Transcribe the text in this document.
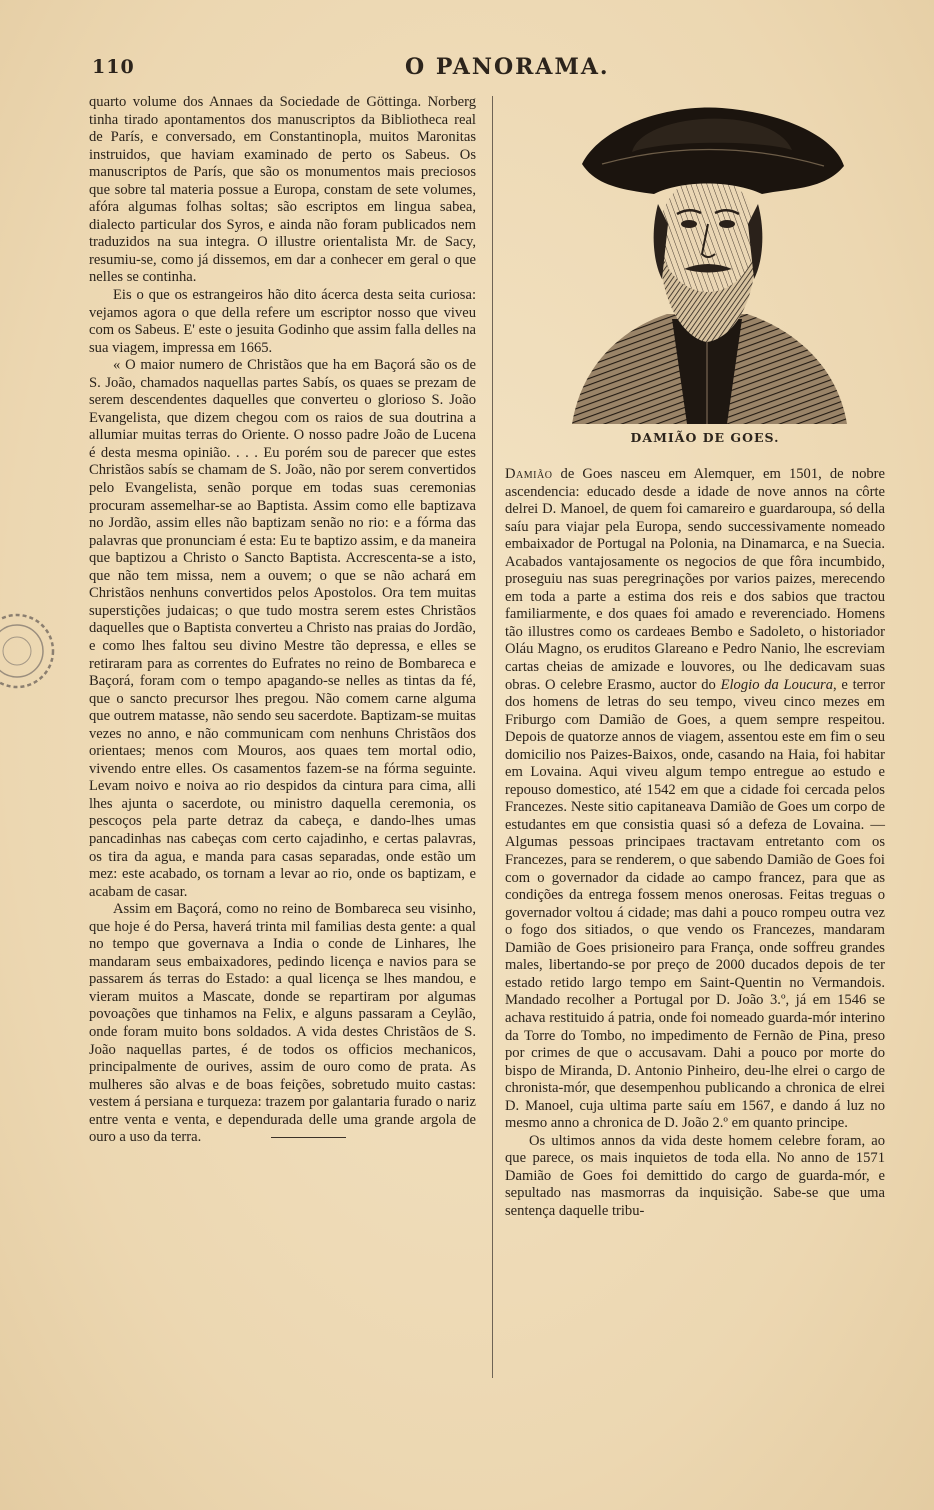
110	O PANORAMA.

quarto volume dos Annaes da Sociedade de Göttinga. Norberg tinha tirado apontamentos dos manuscriptos da Bibliotheca real de París, e conversado, em Constantinopla, muitos Maronitas instruidos, que haviam examinado de perto os Sabeus. Os manuscriptos de París, que são os monumentos mais preciosos que sobre tal materia possue a Europa, constam de sete volumes, afóra algumas folhas soltas; são escriptos em lingua sabea, dialecto particular dos Syros, e ainda não foram publicados nem traduzidos na sua integra. O illustre orientalista Mr. de Sacy, resumiu-se, como já dissemos, em dar a conhecer em geral o que nelles se continha.

Eis o que os estrangeiros hão dito ácerca desta seita curiosa: vejamos agora o que della refere um escriptor nosso que viveu com os Sabeus. E' este o jesuita Godinho que assim falla delles na sua viagem, impressa em 1665.

« O maior numero de Christãos que ha em Baçorá são os de S. João, chamados naquellas partes Sabís, os quaes se prezam de serem descendentes daquelles que converteu o glorioso S. João Evangelista, que dizem chegou com os raios de sua doutrina a allumiar muitas terras do Oriente. O nosso padre João de Lucena é desta mesma opinião. . . . Eu porém sou de parecer que estes Christãos sabís se chamam de S. João, não por serem convertidos pelo Evangelista, senão porque em todas suas ceremonias procuram assemelhar-se ao Baptista. Assim como elle baptizava no Jordão, assim elles não baptizam senão no rio: e a fórma das palavras que pronunciam é esta: Eu te baptizo assim, e da maneira que baptizou a Christo o Sancto Baptista. Accrescenta-se a isto, que não tem missa, nem a ouvem; o que se não achará em Christãos nenhuns convertidos pelos Apostolos. Ora tem muitas superstições judaicas; o que tudo mostra serem estes Christãos daquelles que o Baptista converteu a Christo nas praias do Jordão, e como lhes faltou seu divino Mestre tão depressa, e elles se retiraram para as correntes do Eufrates no reino de Bombareca e Baçorá, foram com o tempo apagando-se nelles as tintas da fé, que o sancto precursor lhes pregou. Não comem carne alguma que outrem matasse, não sendo seu sacerdote. Baptizam-se muitas vezes no anno, e não communicam com nenhuns Christãos dos orientaes; menos com Mouros, aos quaes tem mortal odio, vivendo entre elles. Os casamentos fazem-se na fórma seguinte. Levam noivo e noiva ao rio despidos da cintura para cima, alli lhes ajunta o sacerdote, ou ministro daquella ceremonia, os pescoços pela parte detraz da cabeça, e dando-lhes umas pancadinhas nas cabeças com certo cajadinho, e certas palavras, os tira da agua, e manda para casas separadas, onde estão um mez: este acabado, os tornam a levar ao rio, onde os baptizam, e acabam de casar.

Assim em Baçorá, como no reino de Bombareca seu visinho, que hoje é do Persa, haverá trinta mil familias desta gente: a qual no tempo que governava a India o conde de Linhares, lhe mandaram seus embaixadores, pedindo licença e navios para se passarem ás terras do Estado: a qual licença se lhes mandou, e vieram muitos a Mascate, donde se repartiram por algumas povoações que tinhamos na Felix, e alguns passaram a Ceylão, onde foram muito bons soldados. A vida destes Christãos de S. João naquellas partes, é de todos os officios mechanicos, principalmente de ourives, assim de ouro como de prata. As mulheres são alvas e de boas feições, sobretudo muito castas: vestem á persiana e turqueza: trazem por galantaria furado o nariz entre venta e venta, e dependurada delle uma grande argola de ouro a uso da terra.

DAMIÃO DE GOES.

Damião de Goes nasceu em Alemquer, em 1501, de nobre ascendencia: educado desde a idade de nove annos na côrte delrei D. Manoel, de quem foi camareiro e guardaroupa, só della saíu para viajar pela Europa, sendo successivamente nomeado embaixador de Portugal na Polonia, na Dinamarca, e na Suecia. Acabados vantajosamente os negocios de que fôra incumbido, proseguiu nas suas peregrinações por varios paizes, merecendo em toda a parte a estima dos reis e dos sabios que tractou familiarmente, e dos quaes foi amado e reverenciado. Homens tão illustres como os cardeaes Bembo e Sadoleto, o historiador Oláu Magno, os eruditos Glareano e Pedro Nanio, lhe escreviam cartas cheias de amizade e louvores, ou lhe dedicavam suas obras. O celebre Erasmo, auctor do Elogio da Loucura, e terror dos homens de letras do seu tempo, viveu cinco mezes em Friburgo com Damião de Goes, a quem sempre respeitou. Depois de quatorze annos de viagem, assentou este em fim o seu domicilio nos Paizes-Baixos, onde, casando na Haia, foi habitar em Lovaina. Aqui viveu algum tempo entregue ao estudo e repouso domestico, até 1542 em que a cidade foi cercada pelos Francezes. Neste sitio capitaneava Damião de Goes um corpo de estudantes em que consistia quasi só a defeza de Lovaina. — Algumas pessoas principaes tractavam entretanto com os Francezes, para se renderem, o que sabendo Damião de Goes foi com o governador da cidade ao campo francez, para que as condições da entrega fossem menos onerosas. Feitas treguas o governador voltou á cidade; mas dahi a pouco rompeu outra vez o fogo dos sitiados, o que vendo os Francezes, mandaram Damião de Goes prisioneiro para França, onde soffreu grandes males, libertando-se por preço de 2000 ducados depois de ter estado retido largo tempo em Saint-Quentin no Vermandois. Mandado recolher a Portugal por D. João 3.º, já em 1546 se achava restituido á patria, onde foi nomeado guarda-mór interino da Torre do Tombo, no impedimento de Fernão de Pina, preso por crimes de que o accusavam. Dahi a pouco por morte do bispo de Miranda, D. Antonio Pinheiro, deu-lhe elrei o cargo de chronista-mór, que desempenhou publicando a chronica de elrei D. Manoel, cuja ultima parte saíu em 1567, e dando á luz no mesmo anno a chronica de D. João 2.º em quanto principe.

Os ultimos annos da vida deste homem celebre foram, ao que parece, os mais inquietos de toda ella. No anno de 1571 Damião de Goes foi demittido do cargo de guarda-mór, e sepultado nas masmorras da inquisição. Sabe-se que uma sentença daquelle tribu-
